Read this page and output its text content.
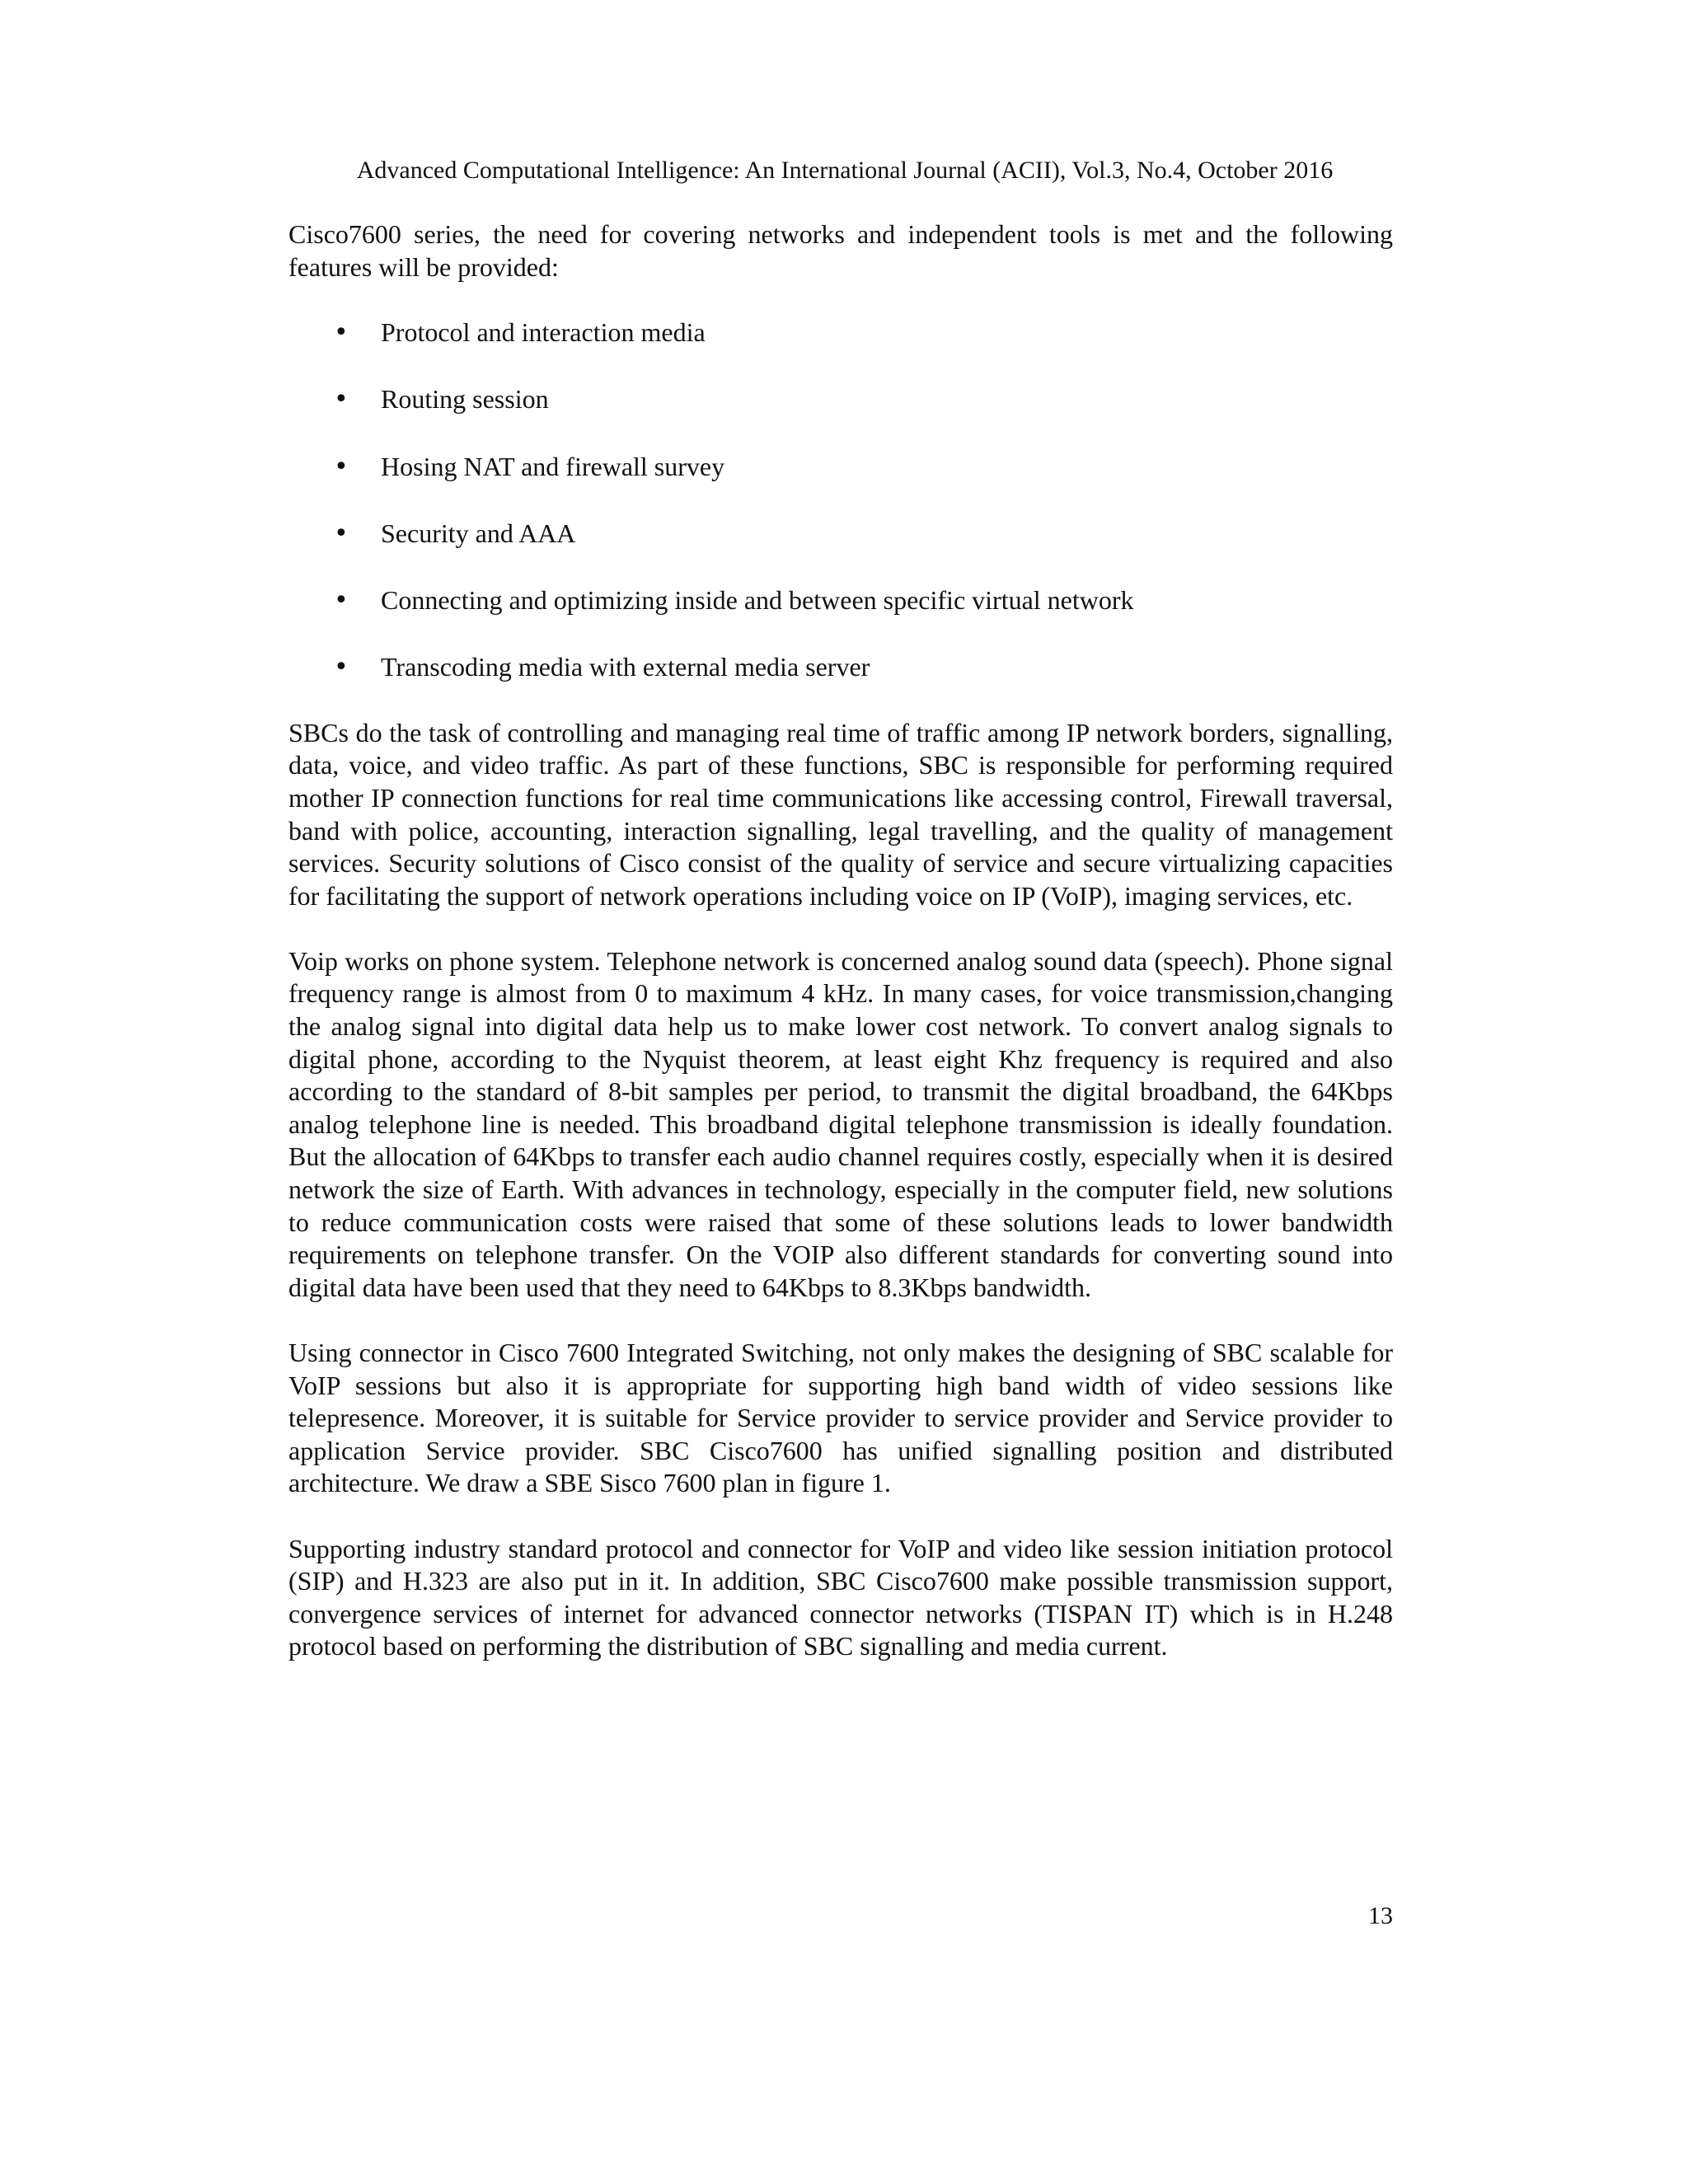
Advanced Computational Intelligence: An International Journal (ACII), Vol.3, No.4, October 2016

Cisco7600 series, the need for covering networks and independent tools is met and the following features will be provided:

• Protocol and interaction media
• Routing session
• Hosing NAT and firewall survey
• Security and AAA
• Connecting and optimizing inside and between specific virtual network
• Transcoding media with external media server

SBCs do the task of controlling and managing real time of traffic among IP network borders, signalling, data, voice, and video traffic. As part of these functions, SBC is responsible for performing required mother IP connection functions for real time communications like accessing control, Firewall traversal, band with police, accounting, interaction signalling, legal travelling, and the quality of management services. Security solutions of Cisco consist of the quality of service and secure virtualizing capacities for facilitating the support of network operations including voice on IP (VoIP), imaging services, etc.

Voip works on phone system. Telephone network is concerned analog sound data (speech). Phone signal frequency range is almost from 0 to maximum 4 kHz. In many cases, for voice transmission,changing the analog signal into digital data help us to make lower cost network. To convert analog signals to digital phone, according to the Nyquist theorem, at least eight Khz frequency is required and also according to the standard of 8-bit samples per period, to transmit the digital broadband, the 64Kbps analog telephone line is needed. This broadband digital telephone transmission is ideally foundation. But the allocation of 64Kbps to transfer each audio channel requires costly, especially when it is desired network the size of Earth. With advances in technology, especially in the computer field, new solutions to reduce communication costs were raised that some of these solutions leads to lower bandwidth requirements on telephone transfer. On the VOIP also different standards for converting sound into digital data have been used that they need to 64Kbps to 8.3Kbps bandwidth.

Using connector in Cisco 7600 Integrated Switching, not only makes the designing of SBC scalable for VoIP sessions but also it is appropriate for supporting high band width of video sessions like telepresence. Moreover, it is suitable for Service provider to service provider and Service provider to application Service provider. SBC Cisco7600 has unified signalling position and distributed architecture. We draw a SBE Sisco 7600 plan in figure 1.

Supporting industry standard protocol and connector for VoIP and video like session initiation protocol (SIP) and H.323 are also put in it. In addition, SBC Cisco7600 make possible transmission support, convergence services of internet for advanced connector networks (TISPAN IT) which is in H.248 protocol based on performing the distribution of SBC signalling and media current.

13
